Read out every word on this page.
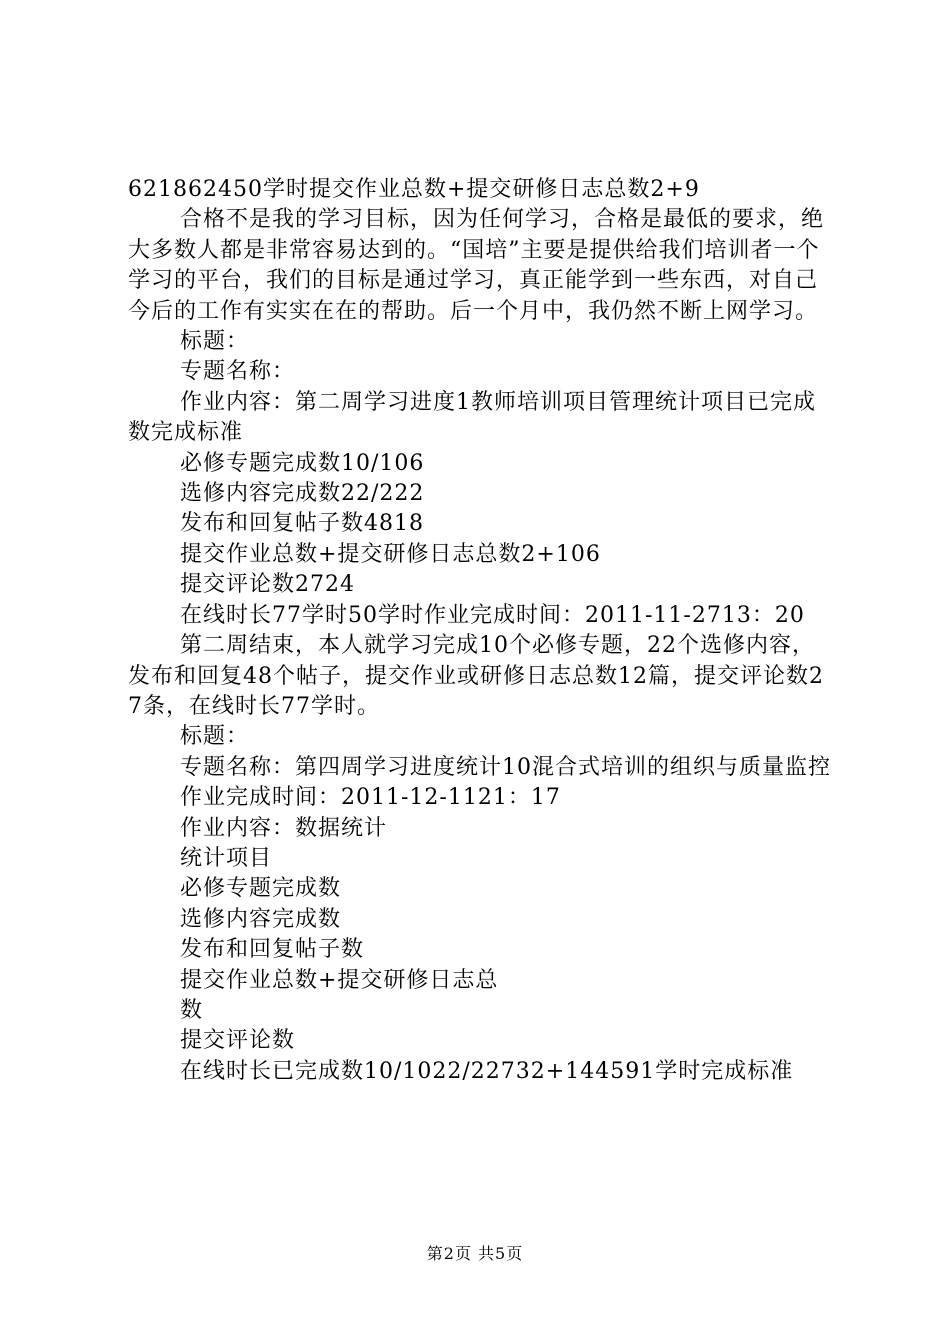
621862450学时提交作业总数+提交研修日志总数2+9

合格不是我的学习目标，因为任何学习，合格是最低的要求，绝大多数人都是非常容易达到的。“国培”主要是提供给我们培训者一个学习的平台，我们的目标是通过学习，真正能学到一些东西，对自己今后的工作有实实在在的帮助。后一个月中，我仍然不断上网学习。

标题：

专题名称：

作业内容：第二周学习进度1教师培训项目管理统计项目已完成数完成标准

必修专题完成数10/106

选修内容完成数22/222

发布和回复帖子数4818

提交作业总数+提交研修日志总数2+106

提交评论数2724

在线时长77学时50学时作业完成时间：2011-11-2713：20

第二周结束，本人就学习完成10个必修专题，22个选修内容，发布和回复48个帖子，提交作业或研修日志总数12篇，提交评论数27条，在线时长77学时。

标题：

专题名称：第四周学习进度统计10混合式培训的组织与质量监控

作业完成时间：2011-12-1121：17

作业内容：数据统计

统计项目

必修专题完成数

选修内容完成数

发布和回复帖子数

提交作业总数+提交研修日志总

数

提交评论数

在线时长已完成数10/1022/22732+144591学时完成标准

第2页 共5页
